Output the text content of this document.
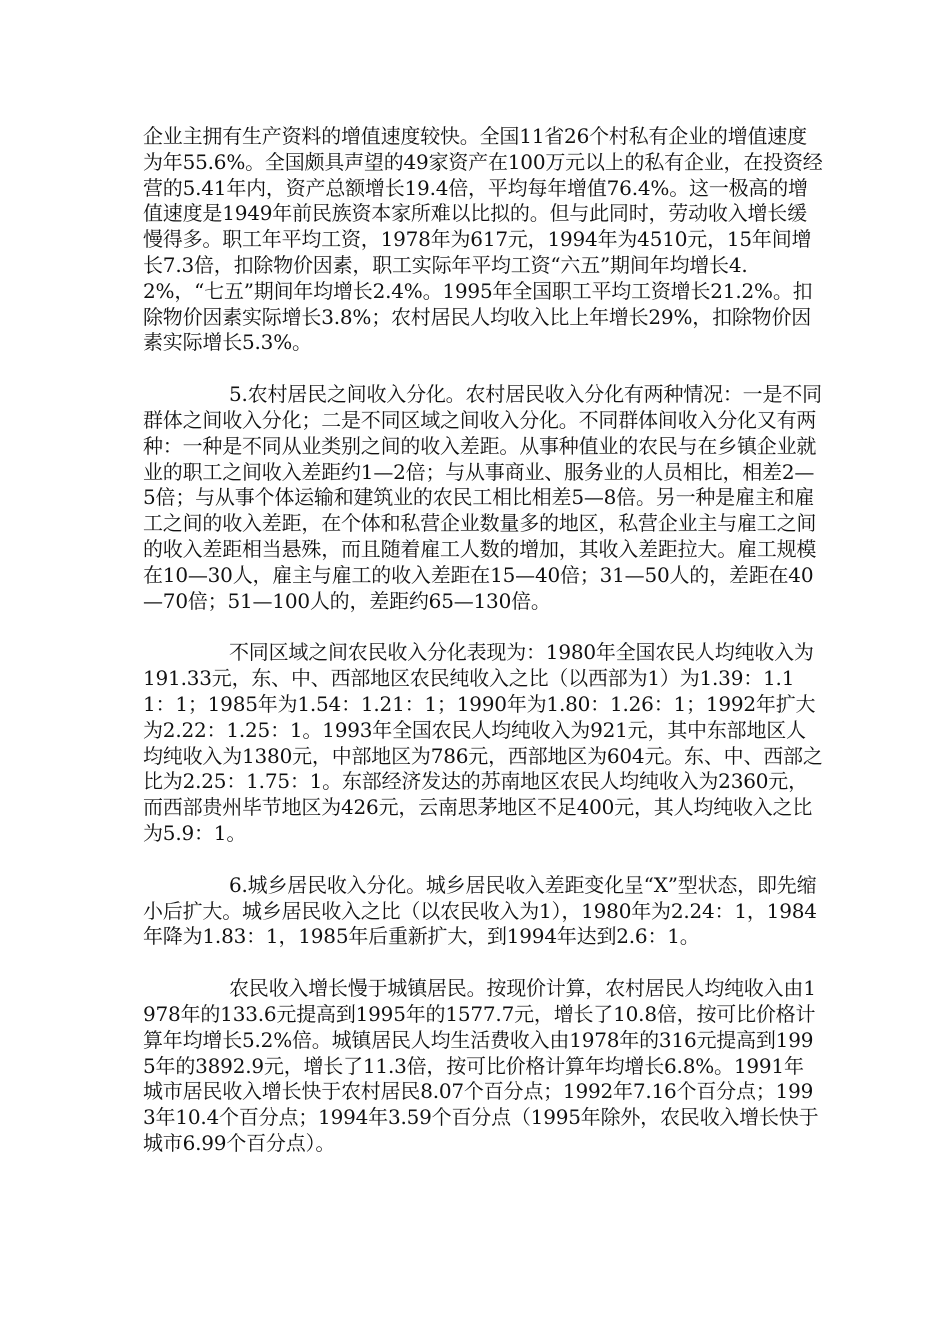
企业主拥有生产资料的增值速度较快。全国11省26个村私有企业的增值速度为年55.6%。全国颇具声望的49家资产在100万元以上的私有企业，在投资经营的5.41年内，资产总额增长19.4倍，平均每年增值76.4%。这一极高的增值速度是1949年前民族资本家所难以比拟的。但与此同时，劳动收入增长缓慢得多。职工年平均工资，1978年为617元，1994年为4510元，15年间增长7.3倍，扣除物价因素，职工实际年平均工资“六五”期间年均增长4.2%，“七五”期间年均增长2.4%。1995年全国职工平均工资增长21.2%。扣除物价因素实际增长3.8%；农村居民人均收入比上年增长29%，扣除物价因素实际增长5.3%。

5.农村居民之间收入分化。农村居民收入分化有两种情况：一是不同群体之间收入分化；二是不同区域之间收入分化。不同群体间收入分化又有两种：一种是不同从业类别之间的收入差距。从事种值业的农民与在乡镇企业就业的职工之间收入差距约1—2倍；与从事商业、服务业的人员相比，相差2—5倍；与从事个体运输和建筑业的农民工相比相差5—8倍。另一种是雇主和雇工之间的收入差距，在个体和私营企业数量多的地区，私营企业主与雇工之间的收入差距相当悬殊，而且随着雇工人数的增加，其收入差距拉大。雇工规模在10—30人，雇主与雇工的收入差距在15—40倍；31—50人的，差距在40—70倍；51—100人的，差距约65—130倍。

不同区域之间农民收入分化表现为：1980年全国农民人均纯收入为191.33元，东、中、西部地区农民纯收入之比（以西部为1）为1.39：1.11：1；1985年为1.54：1.21：1；1990年为1.80：1.26：1；1992年扩大为2.22：1.25：1。1993年全国农民人均纯收入为921元，其中东部地区人均纯收入为1380元，中部地区为786元，西部地区为604元。东、中、西部之比为2.25：1.75：1。东部经济发达的苏南地区农民人均纯收入为2360元，而西部贵州毕节地区为426元，云南思茅地区不足400元，其人均纯收入之比为5.9：1。

6.城乡居民收入分化。城乡居民收入差距变化呈“X”型状态，即先缩小后扩大。城乡居民收入之比（以农民收入为1），1980年为2.24：1，1984年降为1.83：1，1985年后重新扩大，到1994年达到2.6：1。

农民收入增长慢于城镇居民。按现价计算，农村居民人均纯收入由1978年的133.6元提高到1995年的1577.7元，增长了10.8倍，按可比价格计算年均增长5.2%倍。城镇居民人均生活费收入由1978年的316元提高到1995年的3892.9元，增长了11.3倍，按可比价格计算年均增长6.8%。1991年城市居民收入增长快于农村居民8.07个百分点；1992年7.16个百分点；1993年10.4个百分点；1994年3.59个百分点（1995年除外，农民收入增长快于城市6.99个百分点）。
